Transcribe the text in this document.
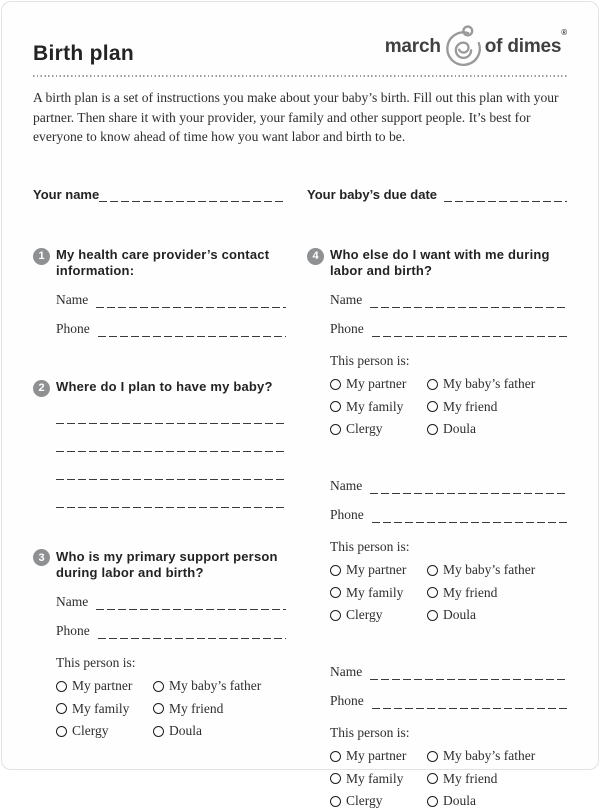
Birth plan	march of dimes®

A birth plan is a set of instructions you make about your baby’s birth. Fill out this plan with your partner. Then share it with your provider, your family and other support people. It’s best for everyone to know ahead of time how you want labor and birth to be.

Your name	Your baby’s due date
1 My health care provider’s contact information:
Name
Phone
2 Where do I plan to have my baby?
3 Who is my primary support person during labor and birth?
Name
Phone
This person is:
My partner	My baby’s father
My family	My friend
Clergy	Doula
4 Who else do I want with me during labor and birth?
Name
Phone
This person is:
My partner	My baby’s father
My family	My friend
Clergy	Doula
Name
Phone
This person is:
My partner	My baby’s father
My family	My friend
Clergy	Doula
Name
Phone
This person is:
My partner	My baby’s father
My family	My friend
Clergy	Doula
